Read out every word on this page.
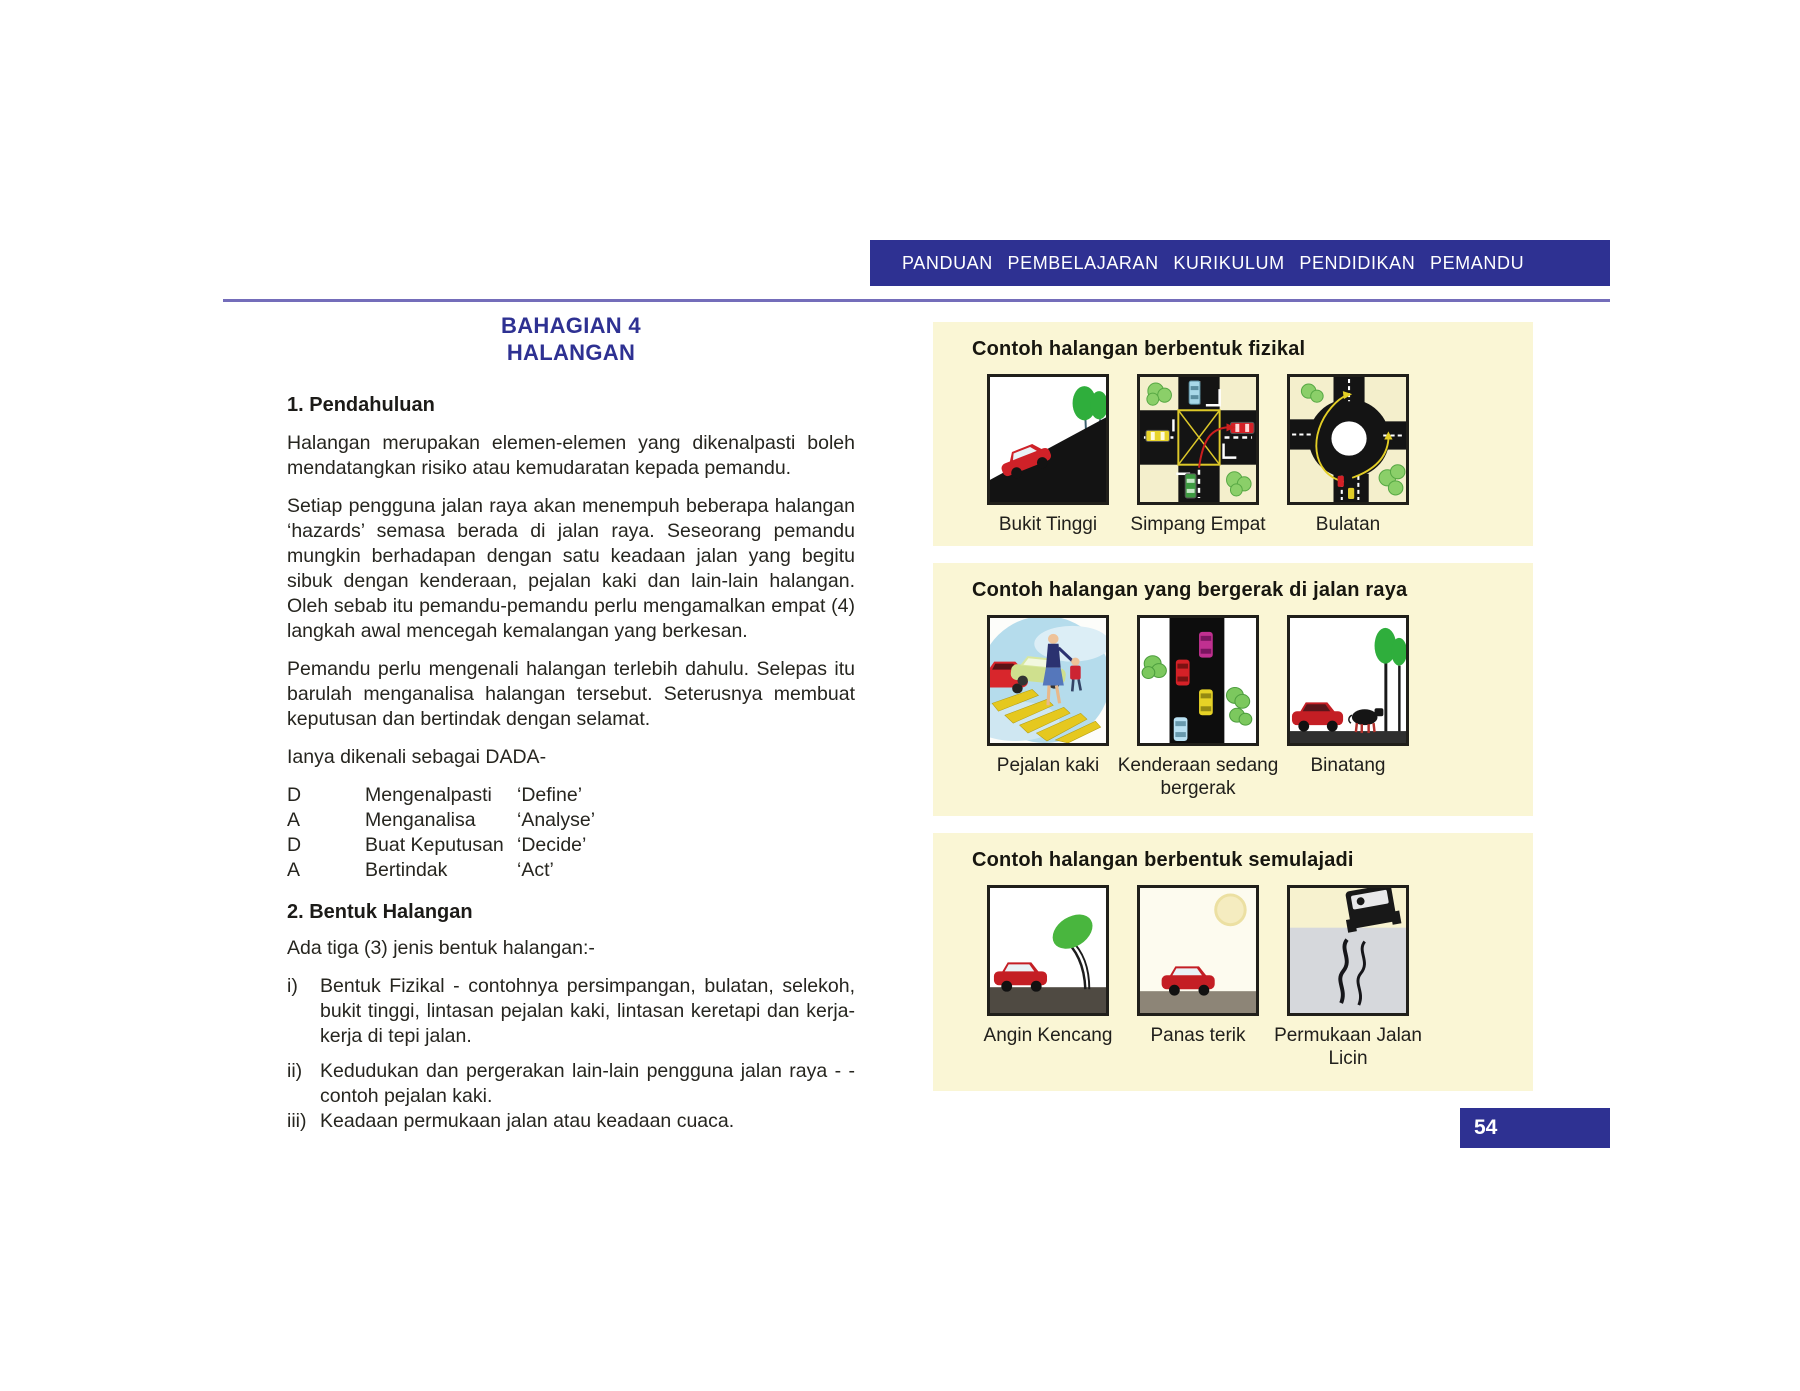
PANDUAN PEMBELAJARAN KURIKULUM PENDIDIKAN PEMANDU
BAHAGIAN 4
HALANGAN
1. Pendahuluan

Halangan merupakan elemen-elemen yang dikenalpasti boleh mendatangkan risiko atau kemudaratan kepada pemandu.

Setiap pengguna jalan raya akan menempuh beberapa halangan ‘hazards’ semasa berada di jalan raya. Seseorang pemandu mungkin berhadapan dengan satu keadaan jalan yang begitu sibuk dengan kenderaan, pejalan kaki dan lain-lain halangan. Oleh sebab itu pemandu-pemandu perlu mengamalkan empat (4) langkah awal mencegah kemalangan yang berkesan.

Pemandu perlu mengenali halangan terlebih dahulu. Selepas itu barulah menganalisa halangan tersebut. Seterusnya membuat keputusan dan bertindak dengan selamat.

Ianya dikenali sebagai DADA-

D	Mengenalpasti	‘Define’
A	Menganalisa	‘Analyse’
D	Buat Keputusan ‘Decide’
A	Bertindak	‘Act’
2. Bentuk Halangan

Ada tiga (3) jenis bentuk halangan:-

i)	Bentuk Fizikal - contohnya persimpangan, bulatan, selekoh, bukit tinggi, lintasan pejalan kaki, lintasan keretapi dan kerja-kerja di tepi jalan.
ii) Kedudukan dan pergerakan lain-lain pengguna jalan raya - - contoh pejalan kaki.
iii) Keadaan permukaan jalan atau keadaan cuaca.
Contoh halangan berbentuk fizikal
Bukit Tinggi	Simpang Empat	Bulatan
Contoh halangan yang bergerak di jalan raya
Pejalan kaki Kenderaan sedang bergerak
Binatang
Contoh halangan berbentuk semulajadi
Angin Kencang	Panas terik	Permukaan Jalan Licin
54
